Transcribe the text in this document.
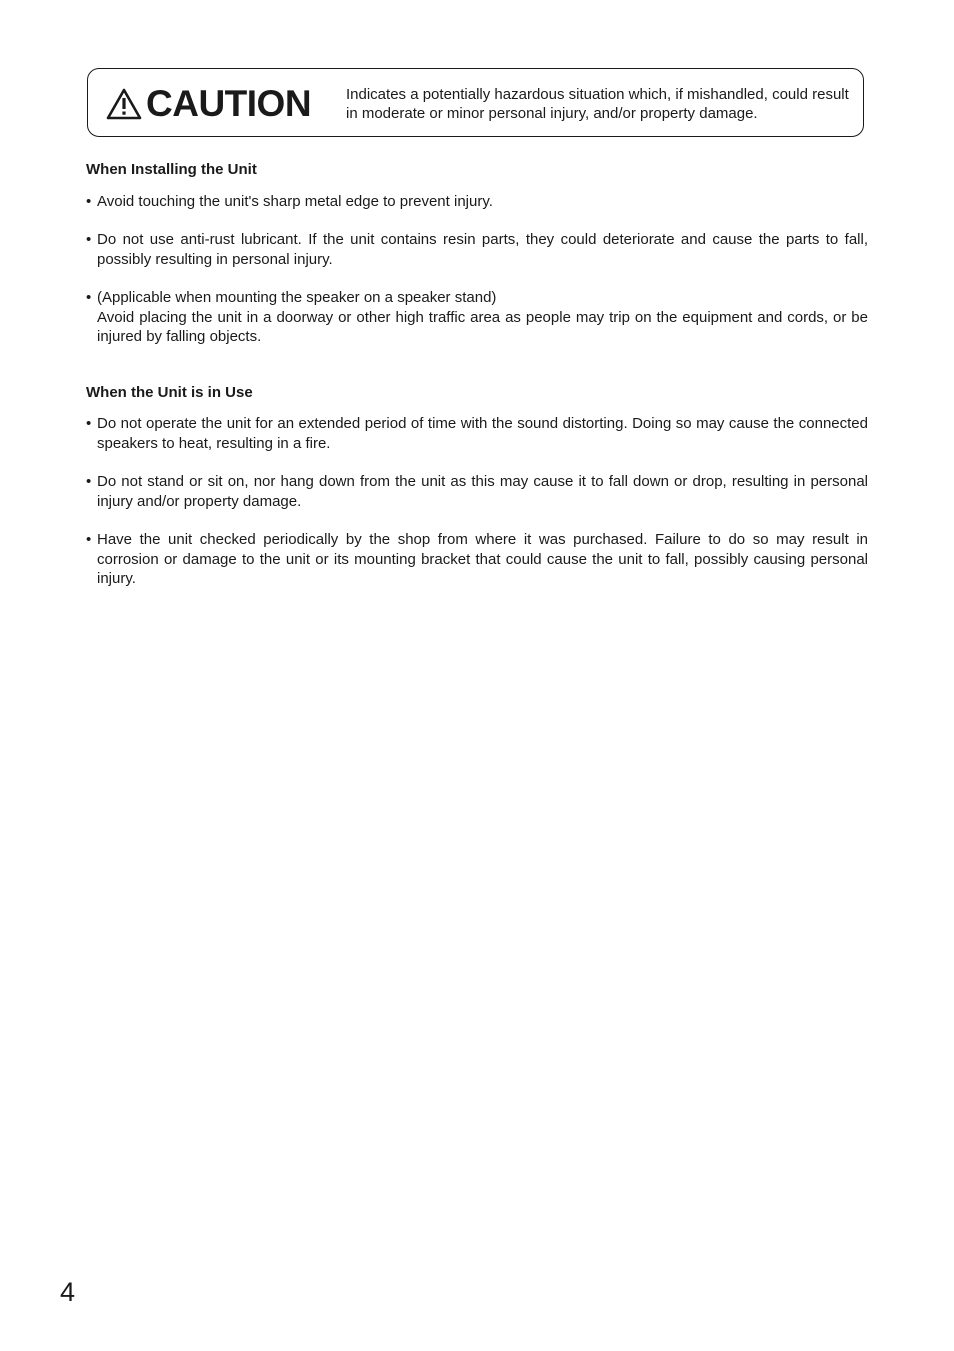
CAUTION Indicates a potentially hazardous situation which, if mishandled, could result in moderate or minor personal injury, and/or property damage.
When Installing the Unit
• Avoid touching the unit's sharp metal edge to prevent injury.
• Do not use anti-rust lubricant. If the unit contains resin parts, they could deteriorate and cause the parts to fall, possibly resulting in personal injury.
• (Applicable when mounting the speaker on a speaker stand)
Avoid placing the unit in a doorway or other high traffic area as people may trip on the equipment and cords, or be injured by falling objects.
When the Unit is in Use
• Do not operate the unit for an extended period of time with the sound distorting. Doing so may cause the connected speakers to heat, resulting in a fire.
• Do not stand or sit on, nor hang down from the unit as this may cause it to fall down or drop, resulting in personal injury and/or property damage.
• Have the unit checked periodically by the shop from where it was purchased. Failure to do so may result in corrosion or damage to the unit or its mounting bracket that could cause the unit to fall, possibly causing personal injury.
4
